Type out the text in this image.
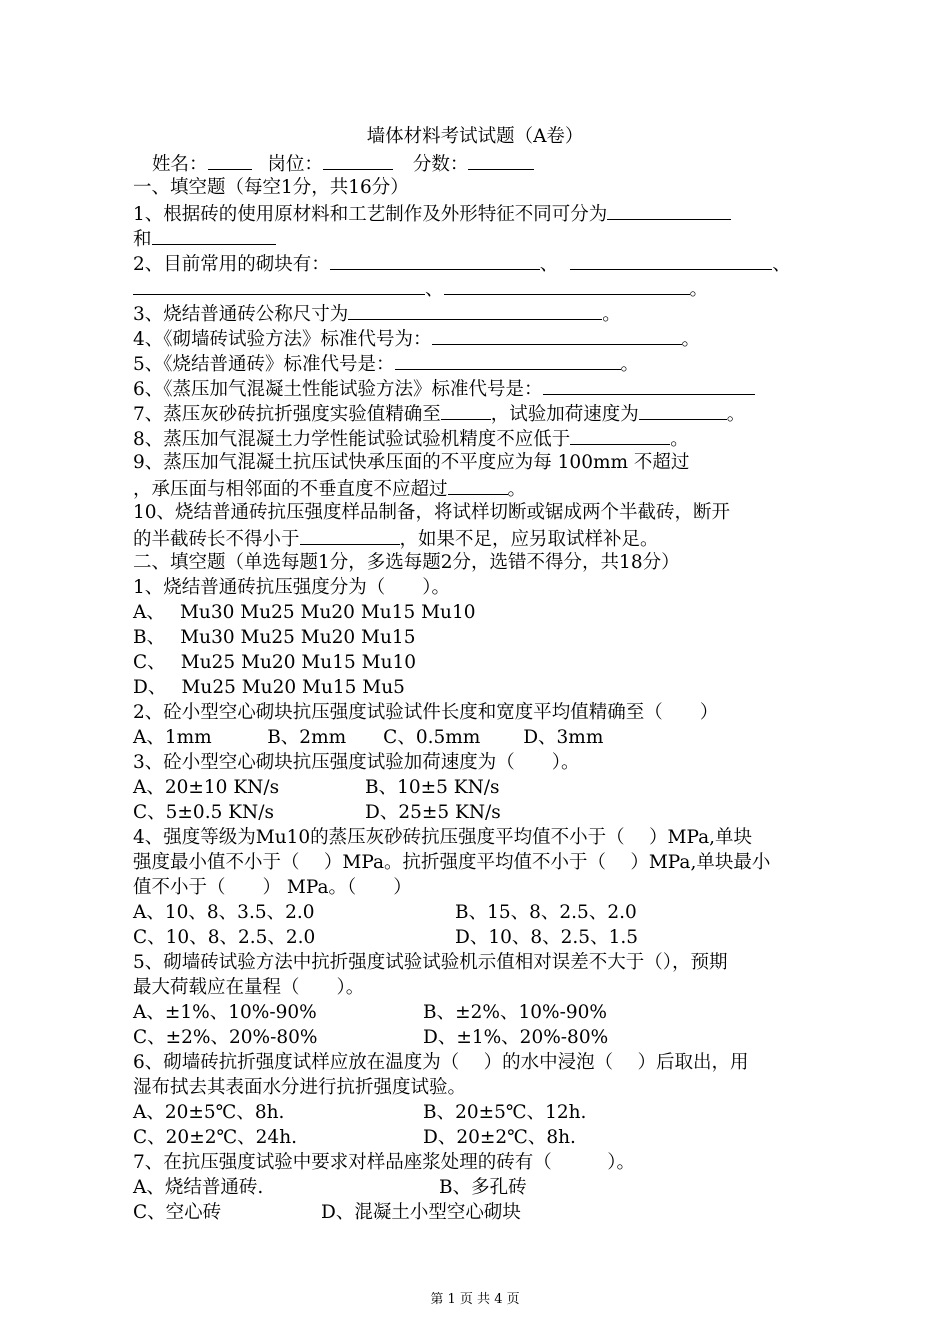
墙体材料考试试题（A卷）
姓名：	岗位：	分数：
一、填空题（每空1分，共16分）
1、根据砖的使用原材料和工艺制作及外形特征不同可分为
和
2、目前常用的砌块有：	、	、
、	。
3、烧结普通砖公称尺寸为	。
4、《砌墙砖试验方法》标准代号为：	。
5、《烧结普通砖》标准代号是：	。
6、《蒸压加气混凝土性能试验方法》标准代号是：
7、蒸压灰砂砖抗折强度实验值精确至	，试验加荷速度为	。
8、蒸压加气混凝土力学性能试验试验机精度不应低于	。
9、蒸压加气混凝土抗压试快承压面的不平度应为每 100mm 不超过
，承压面与相邻面的不垂直度不应超过	。
10、烧结普通砖抗压强度样品制备，将试样切断或锯成两个半截砖，断开
的半截砖长不得小于	，如果不足，应另取试样补足。
二、填空题（单选每题1分，多选每题2分，选错不得分，共18分）
1、烧结普通砖抗压强度分为（　　）。
A、　 Mu30 Mu25 Mu20 Mu15 Mu10
B、　 Mu30 Mu25 Mu20 Mu15
C、　 Mu25 Mu20 Mu15 Mu10
D、　 Mu25 Mu20 Mu15 Mu5
2、砼小型空心砌块抗压强度试验试件长度和宽度平均值精确至（　　）
A、1mm　　　B、2mm　　C、0.5mm　　 D、3mm
3、砼小型空心砌块抗压强度试验加荷速度为（　　）。
A、20±10 KN/s	B、10±5 KN/s
C、5±0.5 KN/s	D、25±5 KN/s
4、强度等级为Mu10的蒸压灰砂砖抗压强度平均值不小于（　 ）MPa,单块
强度最小值不小于（　 ）MPa。抗折强度平均值不小于（　 ）MPa,单块最小
值不小于（　　） MPa。（　　）
A、10、8、3.5、2.0	B、15、8、2.5、2.0
C、10、8、2.5、2.0	D、10、8、2.5、1.5
5、砌墙砖试验方法中抗折强度试验试验机示值相对误差不大于（），预期
最大荷载应在量程（　　）。
A、±1%、10%-90%	B、±2%、10%-90%
C、±2%、20%-80%	D、±1%、20%-80%
6、砌墙砖抗折强度试样应放在温度为（　 ）的水中浸泡（　 ）后取出，用
湿布拭去其表面水分进行抗折强度试验。
A、20±5℃、8h.	B、20±5℃、12h.
C、20±2℃、24h.	D、20±2℃、8h.
7、在抗压强度试验中要求对样品座浆处理的砖有（　　　）。
A、烧结普通砖.	B、多孔砖
C、空心砖	D、混凝土小型空心砌块
第 1 页 共 4 页
